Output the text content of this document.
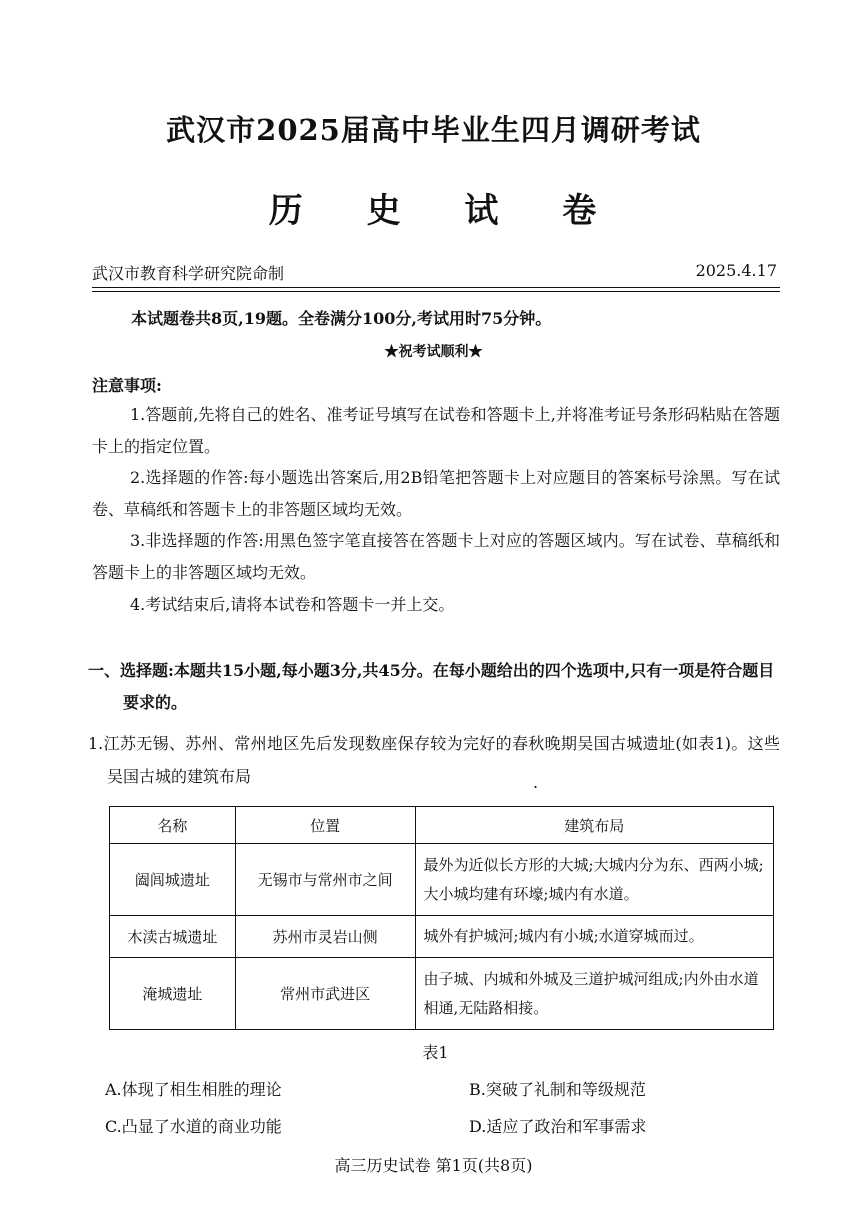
武汉市2025届高中毕业生四月调研考试
历 史 试 卷
武汉市教育科学研究院命制	2025.4.17
本试题卷共8页,19题。全卷满分100分,考试用时75分钟。
★祝考试顺利★
注意事项:
1.答题前,先将自己的姓名、准考证号填写在试卷和答题卡上,并将准考证号条形码粘贴在答题卡上的指定位置。
2.选择题的作答:每小题选出答案后,用2B铅笔把答题卡上对应题目的答案标号涂黑。写在试卷、草稿纸和答题卡上的非答题区域均无效。
3.非选择题的作答:用黑色签字笔直接答在答题卡上对应的答题区域内。写在试卷、草稿纸和答题卡上的非答题区域均无效。
4.考试结束后,请将本试卷和答题卡一并上交。
一、选择题:本题共15小题,每小题3分,共45分。在每小题给出的四个选项中,只有一项是符合题目要求的。
1.江苏无锡、苏州、常州地区先后发现数座保存较为完好的春秋晚期吴国古城遗址(如表1)。这些吴国古城的建筑布局	.
名称	位置	建筑布局
阖闾城遗址	无锡市与常州市之间	最外为近似长方形的大城;大城内分为东、西两小城;大小城均建有环壕;城内有水道。
木渎古城遗址	苏州市灵岩山侧	城外有护城河;城内有小城;水道穿城而过。
淹城遗址	常州市武进区	由子城、内城和外城及三道护城河组成;内外由水道相通,无陆路相接。
表1
A.体现了相生相胜的理论	B.突破了礼制和等级规范
C.凸显了水道的商业功能	D.适应了政治和军事需求
高三历史试卷 第1页(共8页)
